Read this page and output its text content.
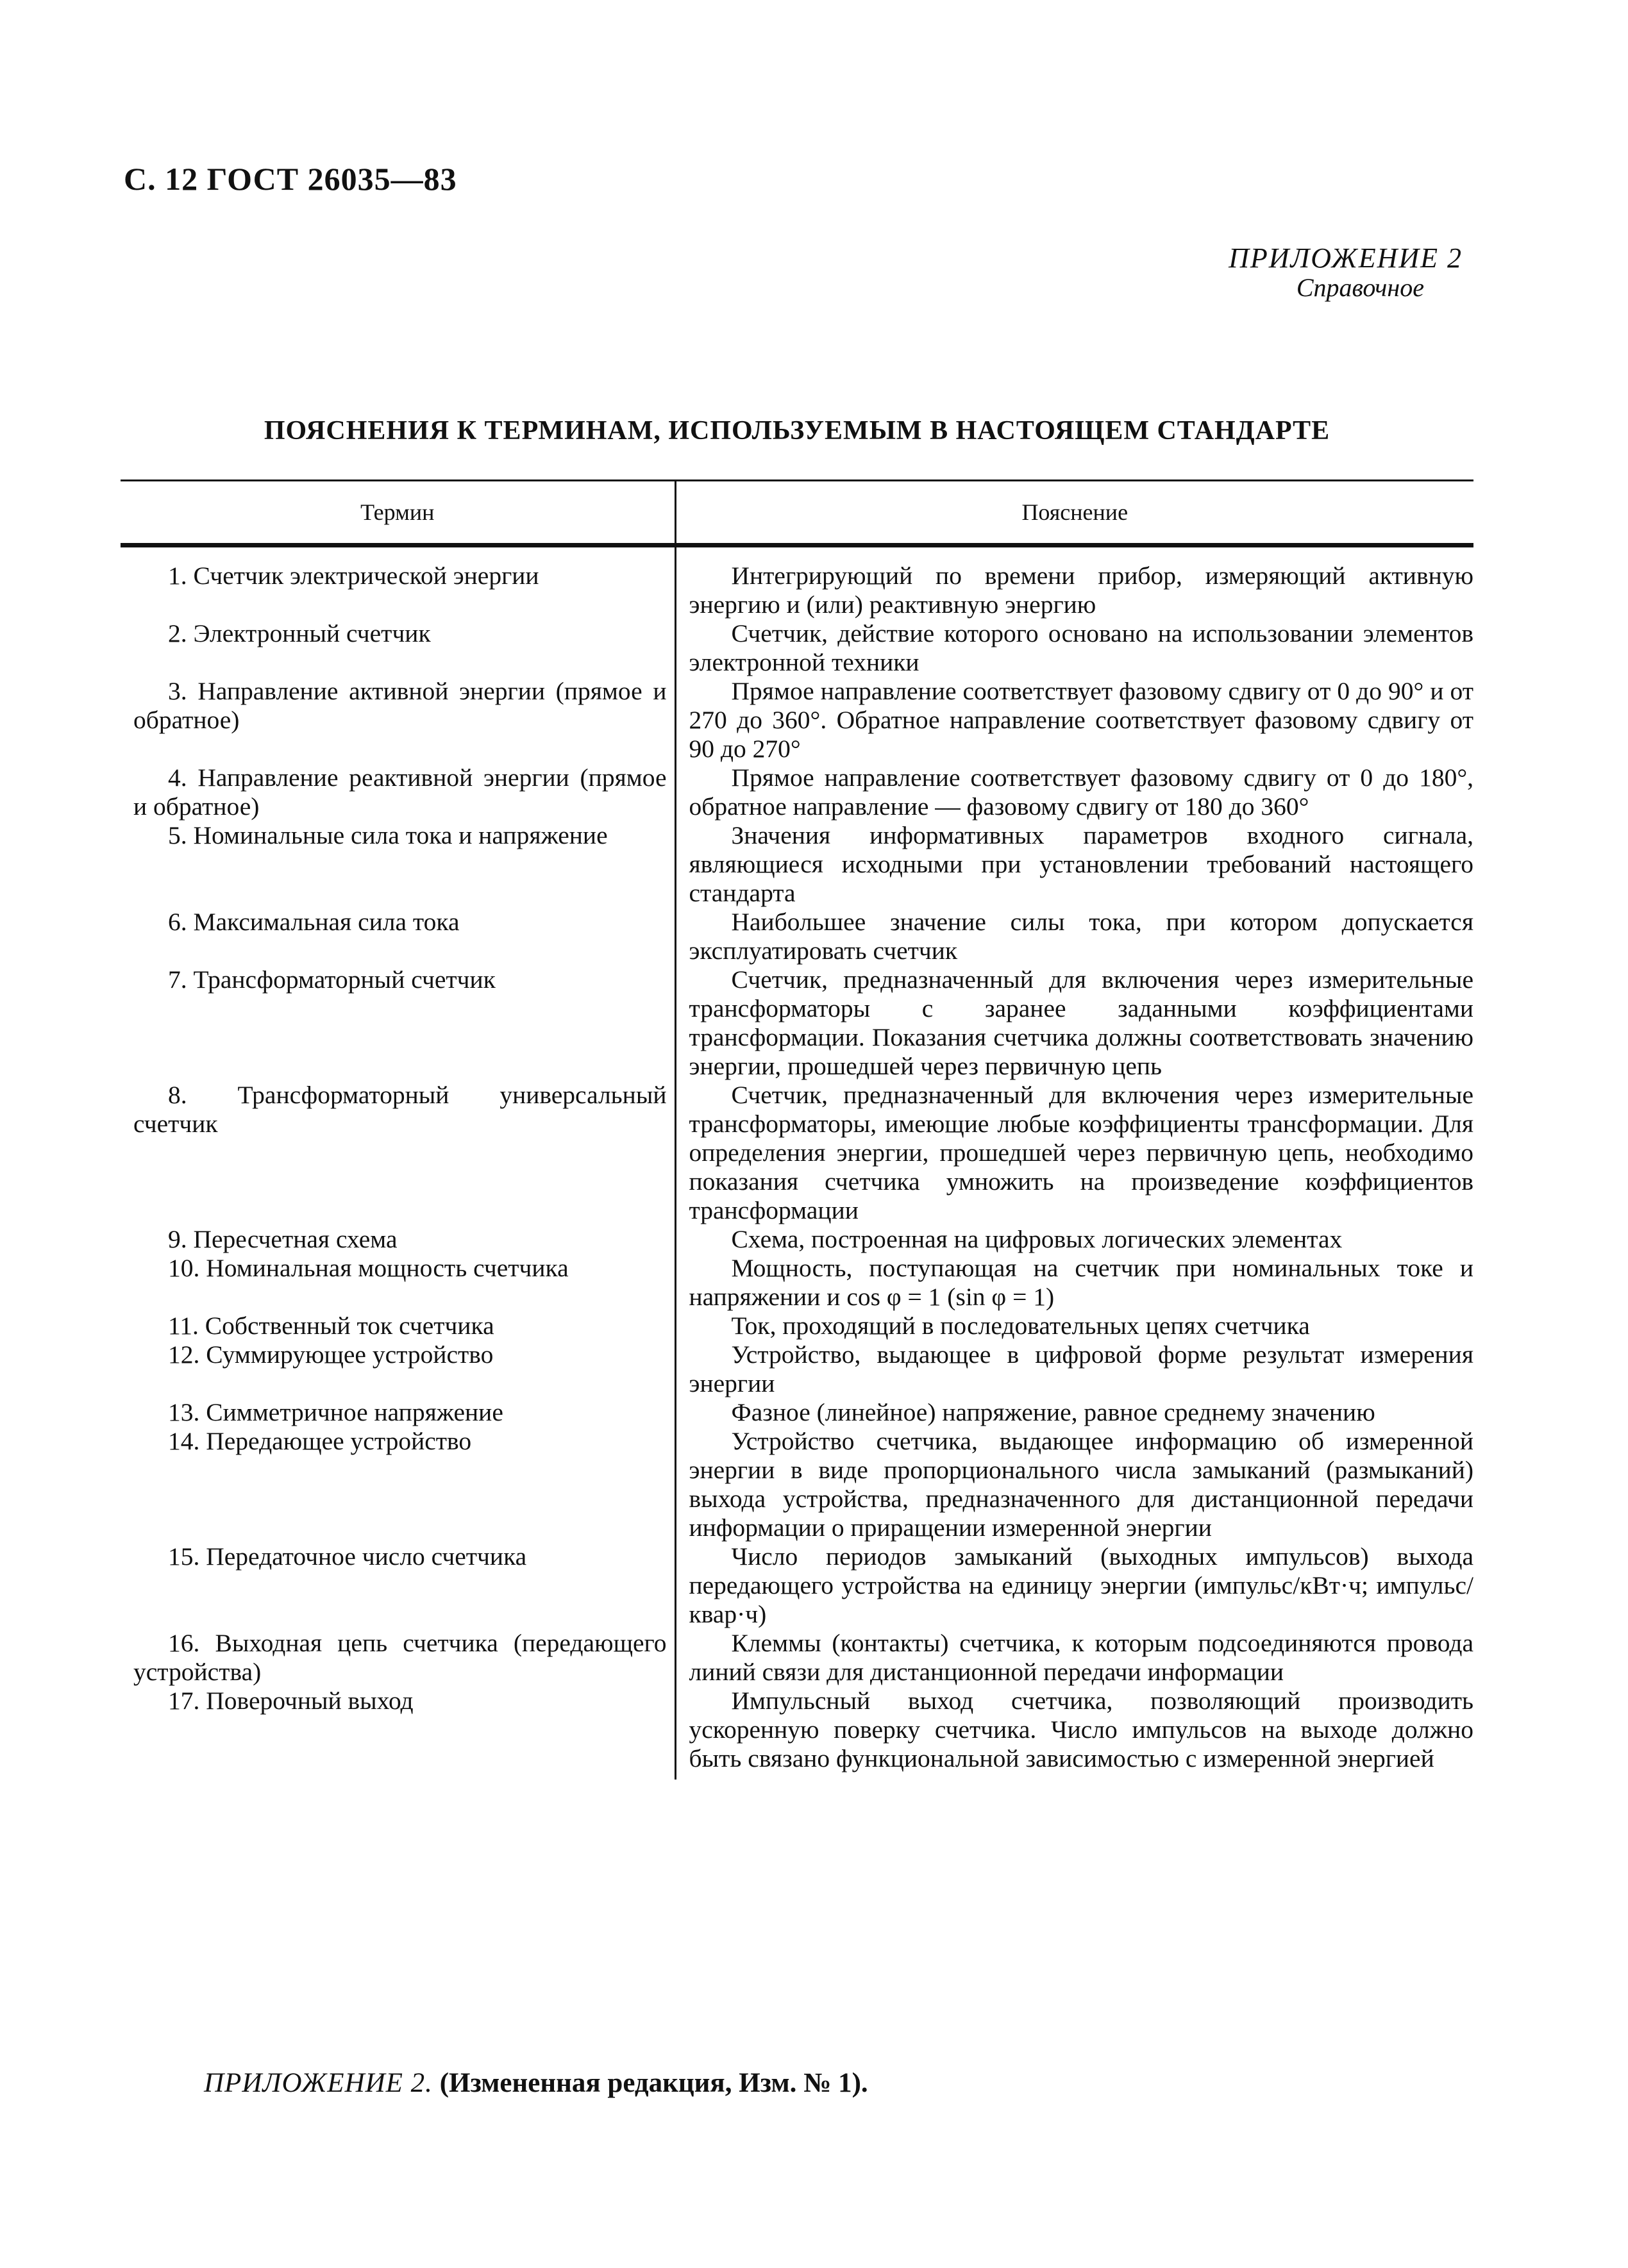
С. 12 ГОСТ 26035—83
ПРИЛОЖЕНИЕ 2
Справочное
ПОЯСНЕНИЯ К ТЕРМИНАМ, ИСПОЛЬЗУЕМЫМ В НАСТОЯЩЕМ СТАНДАРТЕ
Термин	Пояснение
1. Счетчик электрической энергии	Интегрирующий по времени прибор, измеряющий активную энергию и (или) реактивную энергию
2. Электронный счетчик	Счетчик, действие которого основано на использовании элементов электронной техники
3. Направление активной энергии (прямое и обратное)	Прямое направление соответствует фазовому сдвигу от 0 до 90° и от 270 до 360°. Обратное направление соответствует фазовому сдвигу от 90 до 270°
4. Направление реактивной энергии (прямое и обратное)	Прямое направление соответствует фазовому сдвигу от 0 до 180°, обратное направление — фазовому сдвигу от 180 до 360°
5. Номинальные сила тока и напряжение	Значения информативных параметров входного сигнала, являющиеся исходными при установлении требований настоящего стандарта
6. Максимальная сила тока	Наибольшее значение силы тока, при котором допускается эксплуатировать счетчик
7. Трансформаторный счетчик	Счетчик, предназначенный для включения через измерительные трансформаторы с заранее заданными коэффициентами трансформации. Показания счетчика должны соответствовать значению энергии, прошедшей через первичную цепь
8. Трансформаторный универсальный счетчик	Счетчик, предназначенный для включения через измерительные трансформаторы, имеющие любые коэффициенты трансформации. Для определения энергии, прошедшей через первичную цепь, необходимо показания счетчика умножить на произведение коэффициентов трансформации
9. Пересчетная схема	Схема, построенная на цифровых логических элементах
10. Номинальная мощность счетчика	Мощность, поступающая на счетчик при номинальных токе и напряжении и cos φ = 1 (sin φ = 1)
11. Собственный ток счетчика	Ток, проходящий в последовательных цепях счетчика
12. Суммирующее устройство	Устройство, выдающее в цифровой форме результат измерения энергии
13. Симметричное напряжение	Фазное (линейное) напряжение, равное среднему значению
14. Передающее устройство	Устройство счетчика, выдающее информацию об измеренной энергии в виде пропорционального числа замыканий (размыканий) выхода устройства, предназначенного для дистанционной передачи информации о приращении измеренной энергии
15. Передаточное число счетчика	Число периодов замыканий (выходных импульсов) выхода передающего устройства на единицу энергии (импульс/кВт·ч; импульс/квар·ч)
16. Выходная цепь счетчика (передающего устройства)	Клеммы (контакты) счетчика, к которым подсоединяются провода линий связи для дистанционной передачи информации
17. Поверочный выход	Импульсный выход счетчика, позволяющий производить ускоренную поверку счетчика. Число импульсов на выходе должно быть связано функциональной зависимостью с измеренной энергией
ПРИЛОЖЕНИЕ 2. (Измененная редакция, Изм. № 1).
